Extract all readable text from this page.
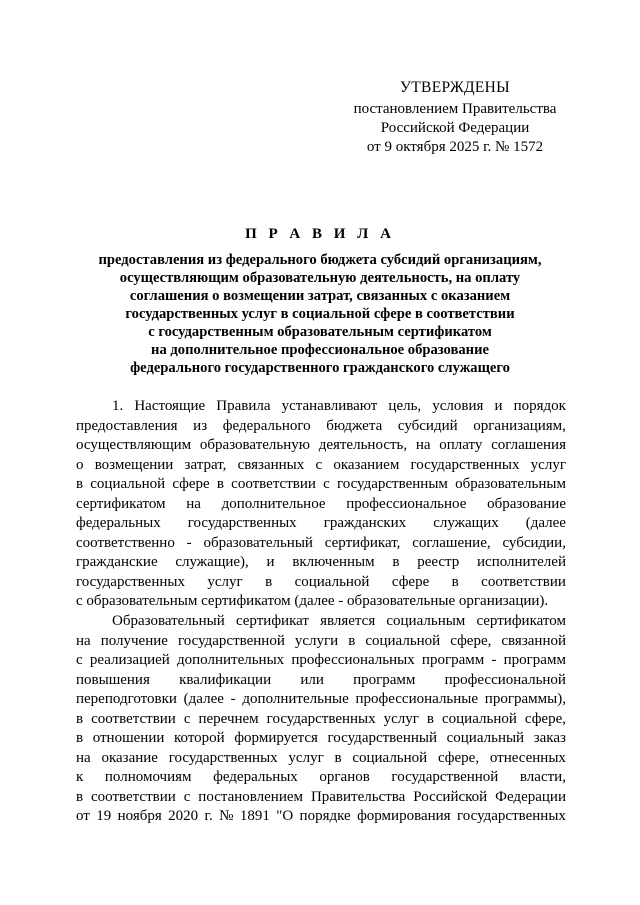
УТВЕРЖДЕНЫ
постановлением Правительства
Российской Федерации
от 9 октября 2025 г. № 1572
П Р А В И Л А
предоставления из федерального бюджета субсидий организациям,
осуществляющим образовательную деятельность, на оплату
соглашения о возмещении затрат, связанных с оказанием
государственных услуг в социальной сфере в соответствии
с государственным образовательным сертификатом
на дополнительное профессиональное образование
федерального государственного гражданского служащего
1. Настоящие Правила устанавливают цель, условия и порядок
предоставления из федерального бюджета субсидий организациям,
осуществляющим образовательную деятельность, на оплату соглашения
о возмещении затрат, связанных с оказанием государственных услуг
в социальной сфере в соответствии с государственным образовательным
сертификатом на дополнительное профессиональное образование
федеральных государственных гражданских служащих (далее
соответственно - образовательный сертификат, соглашение, субсидии,
гражданские служащие), и включенным в реестр исполнителей
государственных услуг в социальной сфере в соответствии
с образовательным сертификатом (далее - образовательные организации).
Образовательный сертификат является социальным сертификатом
на получение государственной услуги в социальной сфере, связанной
с реализацией дополнительных профессиональных программ - программ
повышения квалификации или программ профессиональной
переподготовки (далее - дополнительные профессиональные программы),
в соответствии с перечнем государственных услуг в социальной сфере,
в отношении которой формируется государственный социальный заказ
на оказание государственных услуг в социальной сфере, отнесенных
к полномочиям федеральных органов государственной власти,
в соответствии с постановлением Правительства Российской Федерации
от 19 ноября 2020 г. № 1891 "О порядке формирования государственных
